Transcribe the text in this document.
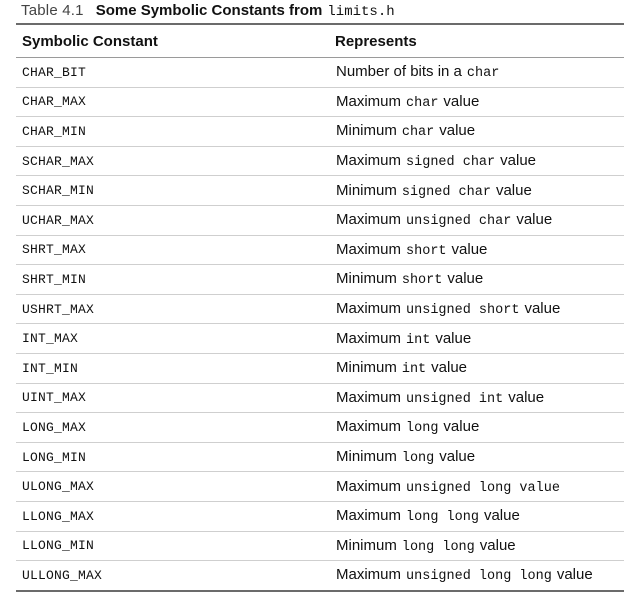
Table 4.1 Some Symbolic Constants from limits.h
Symbolic Constant	Represents
CHAR_BIT	Number of bits in a char
CHAR_MAX	Maximum char value
CHAR_MIN	Minimum char value
SCHAR_MAX	Maximum signed char value
SCHAR_MIN	Minimum signed char value
UCHAR_MAX	Maximum unsigned char value
SHRT_MAX	Maximum short value
SHRT_MIN	Minimum short value
USHRT_MAX	Maximum unsigned short value
INT_MAX	Maximum int value
INT_MIN	Minimum int value
UINT_MAX	Maximum unsigned int value
LONG_MAX	Maximum long value
LONG_MIN	Minimum long value
ULONG_MAX	Maximum unsigned long value
LLONG_MAX	Maximum long long value
LLONG_MIN	Minimum long long value
ULLONG_MAX	Maximum unsigned long long value
